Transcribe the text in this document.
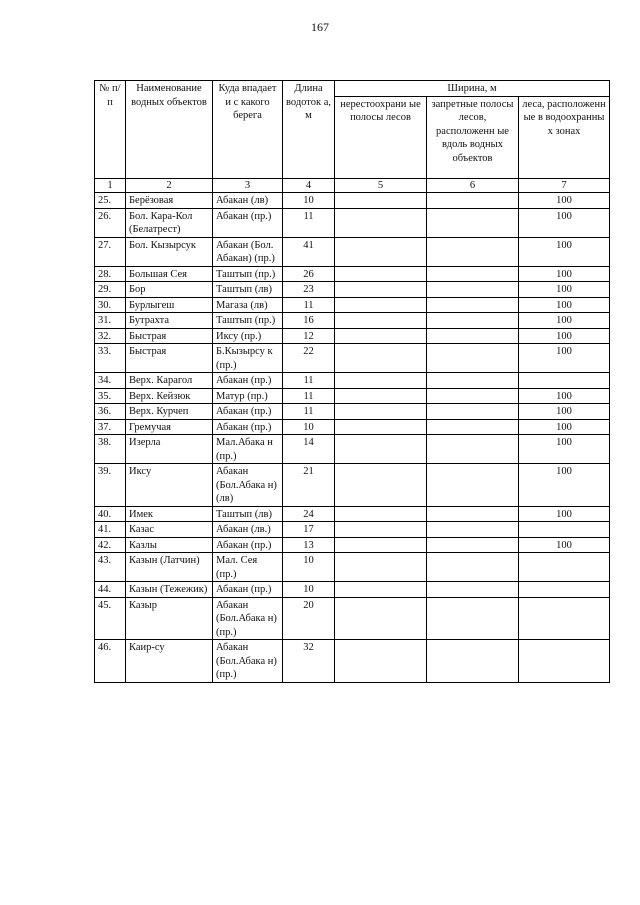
167
№ п/п	Наименование водных объектов	Куда впадает и с какого берега	Длина водоток а, м	Ширина, м		
				нерестоохрани ые полосы лесов	запретные полосы лесов, расположенн ые вдоль водных объектов	леса, расположенн ые в водоохранны х зонах
1	2	3	4	5	6	7
25.	Берёзовая	Абакан (лв)	10			100
26.	Бол. Кара-Кол (Белатрест)	Абакан (пр.)	11			100
27.	Бол. Кызырсук	Абакан (Бол. Абакан) (пр.)	41			100
28.	Большая Сея	Таштып (пр.)	26			100
29.	Бор	Таштып (лв)	23			100
30.	Бурлыгеш	Магаза (лв)	11			100
31.	Бутрахта	Таштып (пр.)	16			100
32.	Быстрая	Иксу (пр.)	12			100
33.	Быстрая	Б.Кызырсу к (пр.)	22			100
34.	Верх. Карагол	Абакан (пр.)	11			
35.	Верх. Кейзюк	Матур (пр.)	11			100
36.	Верх. Курчеп	Абакан (пр.)	11			100
37.	Гремучая	Абакан (пр.)	10			100
38.	Изерла	Мал.Абака н (пр.)	14			100
39.	Иксу	Абакан (Бол.Абака н) (лв)	21			100
40.	Имек	Таштып (лв)	24			100
41.	Казас	Абакан (лв.)	17			
42.	Казлы	Абакан (пр.)	13			100
43.	Казын (Латчин)	Мал. Сея (пр.)	10			
44.	Казын (Тежежик)	Абакан (пр.)	10			
45.	Казыр	Абакан (Бол.Абака н) (пр.)	20			
46.	Каир-су	Абакан (Бол.Абака н) (пр.)	32			
